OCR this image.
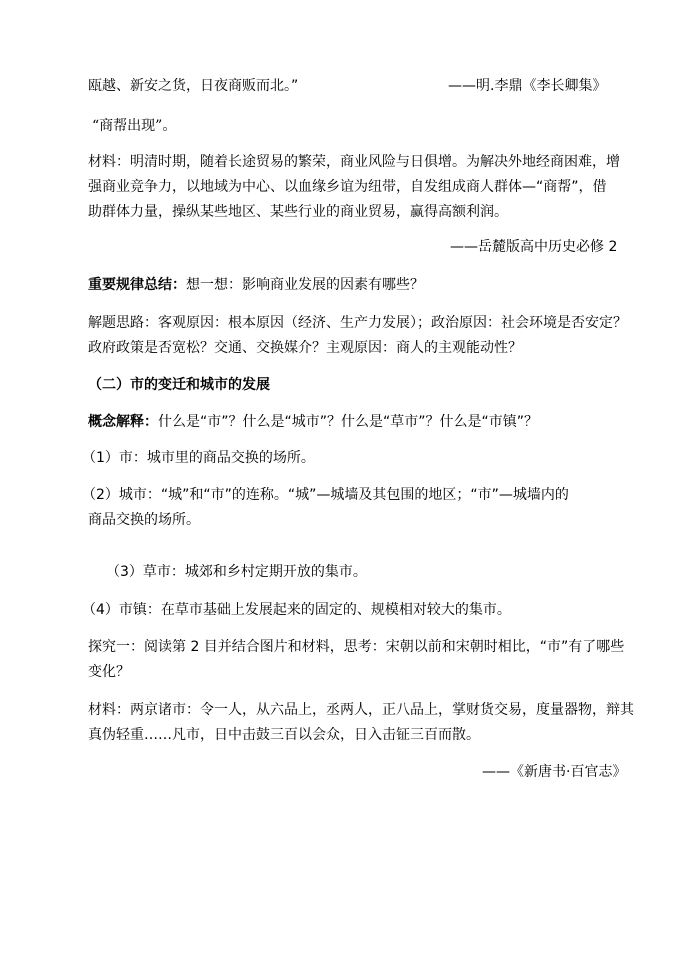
瓯越、新安之货，日夜商贩而北。”	——明.李鼎《李长卿集》
“商帮出现”。
材料：明清时期，随着长途贸易的繁荣，商业风险与日俱增。为解决外地经商困难，增
强商业竞争力，以地域为中心、以血缘乡谊为纽带，自发组成商人群体—“商帮”，借
助群体力量，操纵某些地区、某些行业的商业贸易，赢得高额利润。
——岳麓版高中历史必修 2
重要规律总结：想一想：影响商业发展的因素有哪些？
解题思路：客观原因：根本原因（经济、生产力发展）；政治原因：社会环境是否安定？
政府政策是否宽松？交通、交换媒介？主观原因：商人的主观能动性？
（二）市的变迁和城市的发展
概念解释：什么是“市”？什么是“城市”？什么是“草市”？什么是“市镇”？
（1）市：城市里的商品交换的场所。
（2）城市：“城”和“市”的连称。“城”—城墙及其包围的地区；“市”—城墙内的
商品交换的场所。
（3）草市：城郊和乡村定期开放的集市。
（4）市镇：在草市基础上发展起来的固定的、规模相对较大的集市。
探究一：阅读第 2 目并结合图片和材料，思考：宋朝以前和宋朝时相比，“市”有了哪些
变化？
材料：两京诸市：令一人，从六品上，丞两人，正八品上，掌财货交易，度量器物，辩其
真伪轻重……凡市，日中击鼓三百以会众，日入击钲三百而散。
——《新唐书·百官志》
